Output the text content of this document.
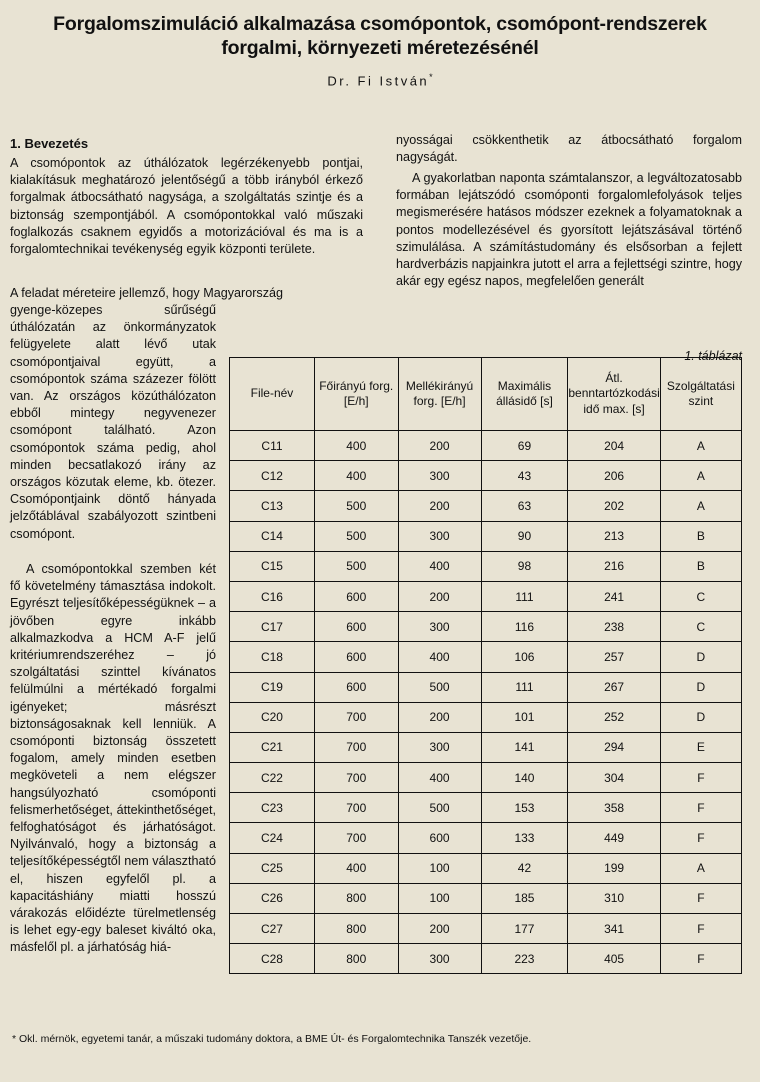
Forgalomszimuláció alkalmazása csomópontok, csomópont-rendszerek
forgalmi, környezeti méretezésénél
Dr. Fi István*
1. Bevezetés

A csomópontok az úthálózatok legérzékenyebb pontjai, kialakításuk meghatározó jelentőségű a több irányból érkező forgalmak átbocsátható nagysága, a szolgáltatás szintje és a biztonság szempontjából. A csomópontokkal való műszaki foglalkozás csaknem egyidős a motorizációval és ma is a forgalomtechnikai tevékenység egyik központi területe.

A feladat méreteire jellemző, hogy Magyarország

gyenge-közepes sűrűségű úthálózatán az önkormányzatok felügyelete alatt lévő utak csomópontjaival együtt, a csomópontok száma százezer fölött van. Az országos közúthálózaton ebből mintegy negyvenezer csomópont található. Azon csomópontok száma pedig, ahol minden becsatlakozó irány az országos közutak eleme, kb. ötezer. Csomópontjaink döntő hányada jelzőtáblával szabályozott szintbeni csomópont.

A csomópontokkal szemben két fő követelmény támasztása indokolt. Egyrészt teljesítőképességüknek – a jövőben egyre inkább alkalmazkodva a HCM A-F jelű kritériumrendszeréhez – jó szolgáltatási szinttel kívánatos felülmúlni a mértékadó forgalmi igényeket; másrészt biztonságosaknak kell lenniük. A csomóponti biztonság összetett fogalom, amely minden esetben megköveteli a nem elégszer hangsúlyozható csomóponti felismerhetőséget, áttekinthetőséget, felfoghatóságot és járhatóságot. Nyilvánvaló, hogy a biztonság a teljesítőképességtől nem választható el, hiszen egyfelől pl. a kapacitáshiány miatti hosszú várakozás előidézte türelmetlenség is lehet egy-egy baleset kiváltó oka, másfelől pl. a járhatóság hiá-

nyosságai csökkenthetik az átbocsátható forgalom nagyságát.

A gyakorlatban naponta számtalanszor, a legváltozatosabb formában lejátszódó csomóponti forgalomlefolyások teljes megismerésére hatásos módszer ezeknek a folyamatoknak a pontos modellezésével és gyorsított lejátszásával történő szimulálása. A számítástudomány és elsősorban a fejlett hardverbázis napjainkra jutott el arra a fejlettségi szintre, hogy akár egy egész napos, megfelelően generált

1. táblázat
File-név	Főirányú forg. [E/h]	Mellékirányú forg. [E/h]	Maximális állásidő [s]	Átl. benntartózkodási idő max. [s]	Szolgáltatási szint
C11	400	200	69	204	A
C12	400	300	43	206	A
C13	500	200	63	202	A
C14	500	300	90	213	B
C15	500	400	98	216	B
C16	600	200	111	241	C
C17	600	300	116	238	C
C18	600	400	106	257	D
C19	600	500	111	267	D
C20	700	200	101	252	D
C21	700	300	141	294	E
C22	700	400	140	304	F
C23	700	500	153	358	F
C24	700	600	133	449	F
C25	400	100	42	199	A
C26	800	100	185	310	F
C27	800	200	177	341	F
C28	800	300	223	405	F
* Okl. mérnök, egyetemi tanár, a műszaki tudomány doktora, a BME Út- és Forgalomtechnika Tanszék vezetője.
